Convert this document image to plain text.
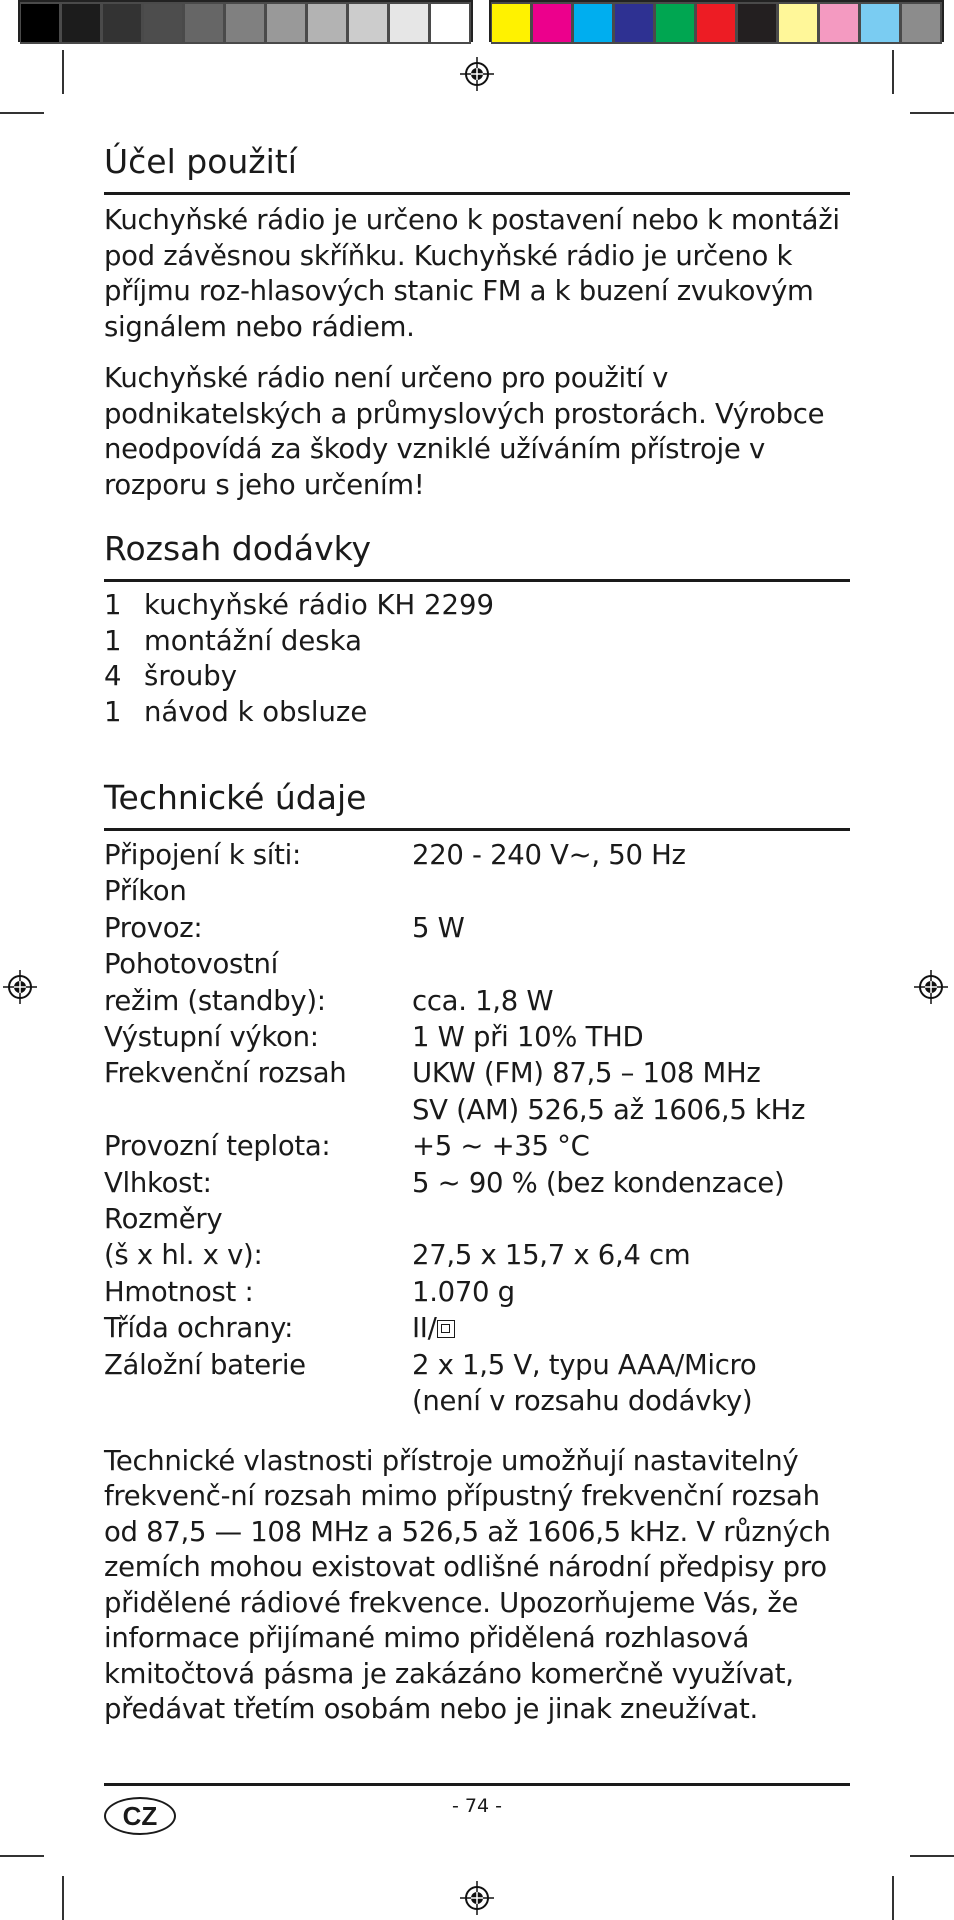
Účel použití

Kuchyňské rádio je určeno k postavení nebo k montáži pod závěsnou skříňku. Kuchyňské rádio je určeno k příjmu roz-hlasových stanic FM a k buzení zvukovým signálem nebo rádiem.

Kuchyňské rádio není určeno pro použití v podnikatelských a průmyslových prostorách. Výrobce neodpovídá za škody vzniklé užíváním přístroje v rozporu s jeho určením!

Rozsah dodávky
1 kuchyňské rádio KH 2299
1 montážní deska
4 šrouby
1 návod k obsluze
Technické údaje
Připojení k síti:	220 - 240 V~, 50 Hz
Příkon
Provoz:	5 W
Pohotovostní
režim (standby):	cca. 1,8 W
Výstupní výkon:	1 W při 10% THD
Frekvenční rozsah	UKW (FM) 87,5 – 108 MHz
SV (AM) 526,5 až 1606,5 kHz
Provozní teplota:	+5 ~ +35 °C
Vlhkost:	5 ~ 90 % (bez kondenzace)
Rozměry
(š x hl. x v):	27,5 x 15,7 x 6,4 cm
Hmotnost :	1.070 g
Třída ochrany:	II/
Záložní baterie	2 x 1,5 V, typu AAA/Micro
(není v rozsahu dodávky)

Technické vlastnosti přístroje umožňují nastavitelný frekvenč-ní rozsah mimo přípustný frekvenční rozsah od 87,5 — 108 MHz a 526,5 až 1606,5 kHz. V různých zemích mohou existovat odlišné národní předpisy pro přidělené rádiové frekvence. Upozorňujeme Vás, že informace přijímané mimo přidělená rozhlasová kmitočtová pásma je zakázáno komerčně využívat, předávat třetím osobám nebo je jinak zneužívat.

CZ	- 74 -
